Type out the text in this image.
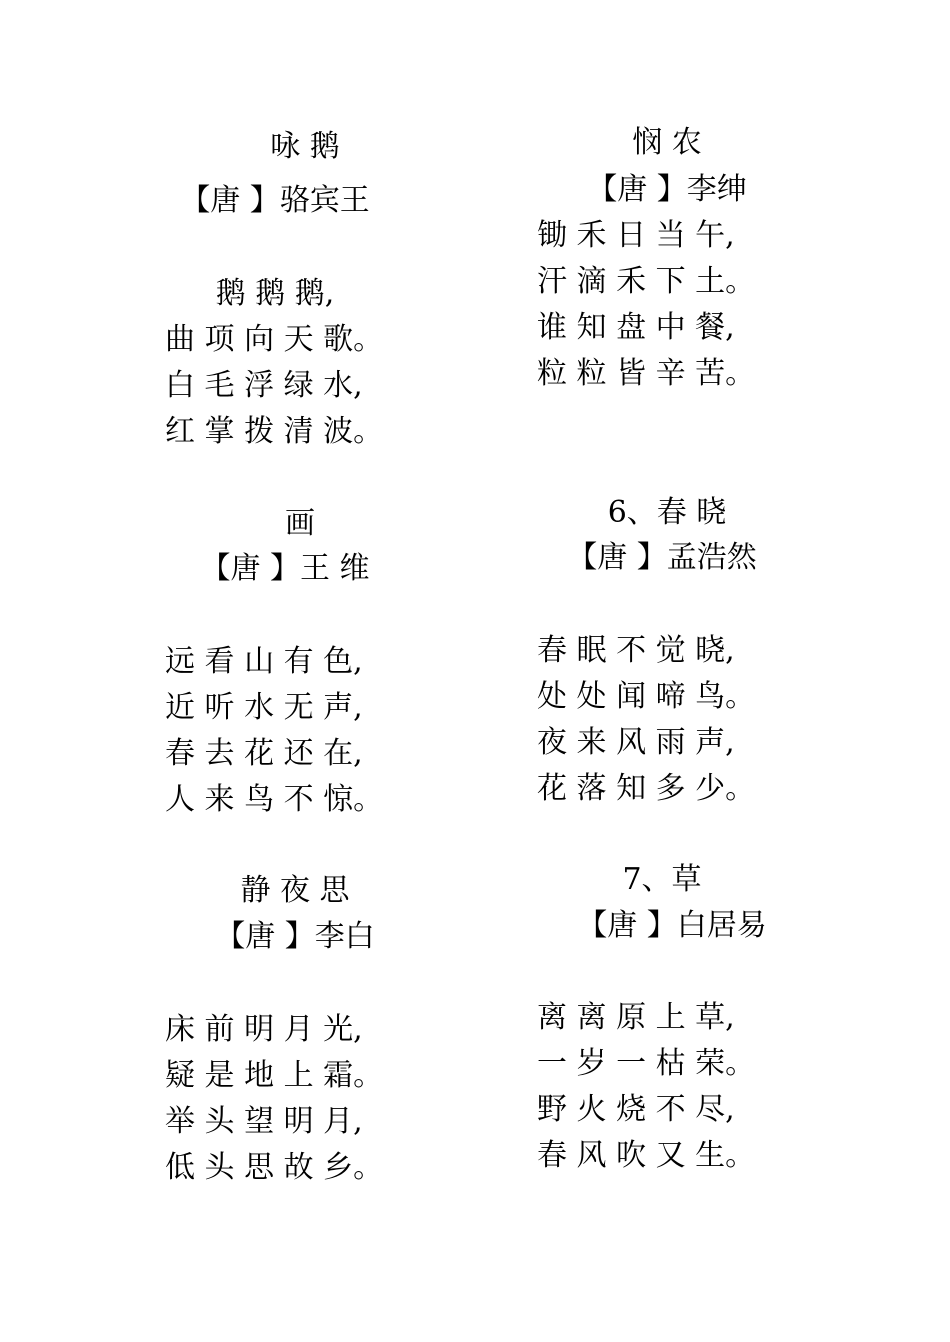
咏 鹅
【唐 】骆宾王
鹅 鹅 鹅,
曲 项 向 天 歌。
白 毛 浮 绿 水,
红 掌 拨 清 波。
画
【唐 】王 维
远 看 山 有 色,
近 听 水 无 声,
春 去 花 还 在,
人 来 鸟 不 惊。
静 夜 思
【唐 】李白
床 前 明 月 光,
疑 是 地 上 霜。
举 头 望 明 月,
低 头 思 故 乡。
悯 农
【唐 】李绅
锄 禾 日 当 午,
汗 滴 禾 下 土。
谁 知 盘 中 餐,
粒 粒 皆 辛 苦。
6、春 晓
【唐 】孟浩然
春 眠 不 觉 晓,
处 处 闻 啼 鸟。
夜 来 风 雨 声,
花 落 知 多 少。
7、草
【唐 】白居易
离 离 原 上 草,
一 岁 一 枯 荣。
野 火 烧 不 尽,
春 风 吹 又 生。
